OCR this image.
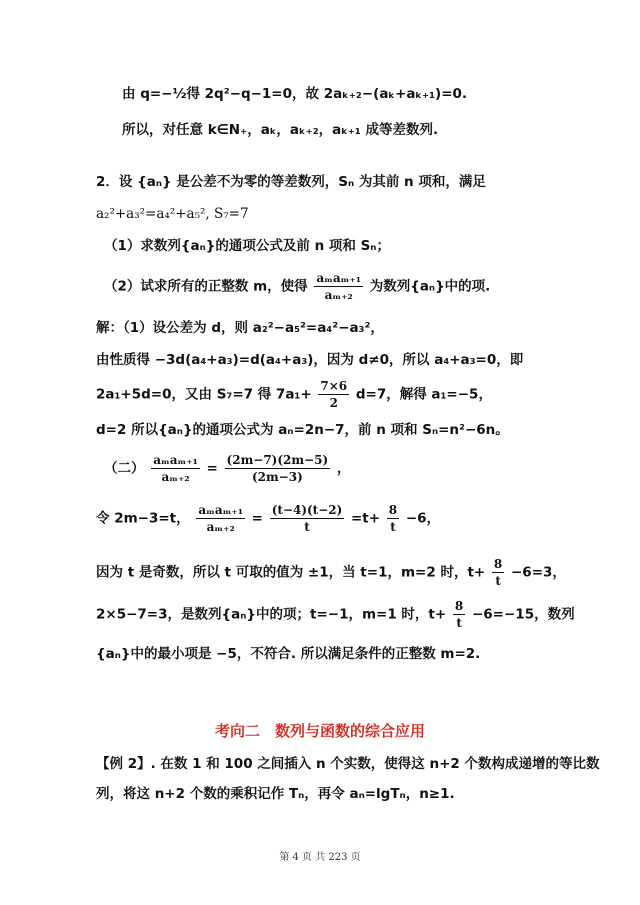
由 q=−½得 2q²−q−1=0，故 2aₖ₊₂−(aₖ+aₖ₊₁)=0.
所以，对任意 k∈N₊，aₖ，aₖ₊₂，aₖ₊₁ 成等差数列.
2．设 {aₙ} 是公差不为零的等差数列，Sₙ 为其前 n 项和，满足
a₂²+a₃²=a₄²+a₅², S₇=7
（1）求数列{aₙ}的通项公式及前 n 项和 Sₙ；
（2）试求所有的正整数 m，使得 $\frac{\text{aₘaₘ₊₁}}{\text{aₘ₊₂}}$ 为数列{aₙ}中的项.
解：（1）设公差为 d，则 a₂²−a₅²=a₄²−a₃²，
由性质得 −3d(a₄+a₃)=d(a₄+a₃)，因为 d≠0，所以 a₄+a₃=0，即
2a₁+5d=0，又由 S₇=7 得 $7a_1+ \frac{7\times 6}{2} d=7$，解得 a₁=−5，
d=2 所以{aₙ}的通项公式为 aₙ=2n−7，前 n 项和 Sₙ=n²−6n。
（二） $\frac{\text{aₘaₘ₊₁}}{\text{aₘ₊₂}} = \frac{(2m-7)(2m-5)}{(2m-3)}$ ，
令 2m−3=t， $\frac{\text{aₘaₘ₊₁}}{\text{aₘ₊₂}} = \frac{(t-4)(t-2)}{t} =t+ \frac{8}{t} -6$，
因为 t 是奇数，所以 t 可取的值为 ±1，当 t=1，m=2 时，$t+ \frac{8}{t} -6=3$，
2×5−7=3，是数列{aₙ}中的项；t=−1，m=1 时，$t+ \frac{8}{t} -6=-15$，数列
{aₙ}中的最小项是 −5，不符合. 所以满足条件的正整数 m=2.
考向二　数列与函数的综合应用
【例 2】. 在数 1 和 100 之间插入 n 个实数，使得这 n+2 个数构成递增的等比数
列，将这 n+2 个数的乘积记作 Tₙ，再令 aₙ=lgTₙ，n≥1.
第 4 页 共 223 页
